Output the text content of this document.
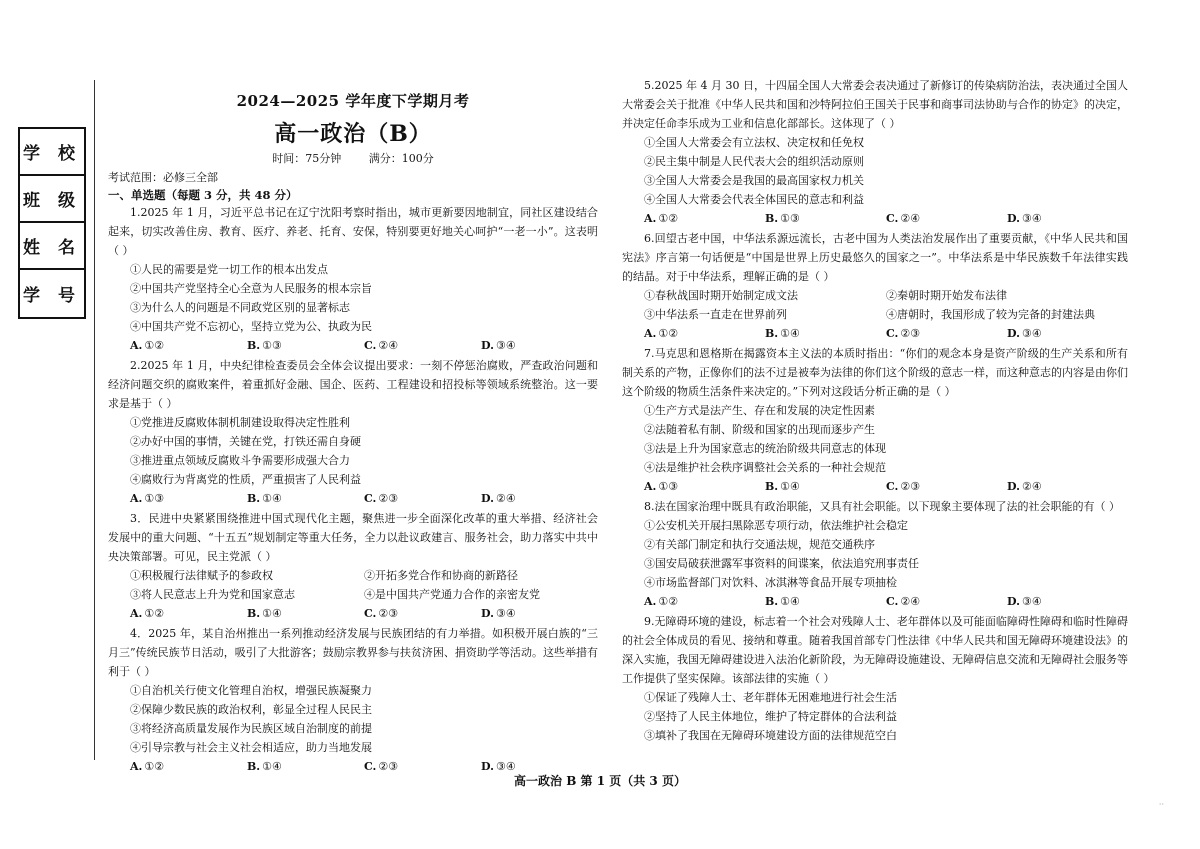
学 校
班 级
姓 名
学 号
2024—2025 学年度下学期月考
高一政治（B）
时间：75分钟	满分：100分
考试范围：必修三全部
一、单选题（每题 3 分，共 48 分）
1.2025 年 1 月，习近平总书记在辽宁沈阳考察时指出，城市更新要因地制宜，同社区建设结合起来，切实改善住房、教育、医疗、养老、托育、安保，特别要更好地关心呵护“一老一小”。这表明（ ）
①人民的需要是党一切工作的根本出发点
②中国共产党坚持全心全意为人民服务的根本宗旨
③为什么人的问题是不同政党区别的显著标志
④中国共产党不忘初心，坚持立党为公、执政为民
A. ①②	B. ①③	C. ②④	D. ③④
2.2025 年 1 月，中央纪律检查委员会全体会议提出要求：一刻不停惩治腐败，严查政治问题和经济问题交织的腐败案件，着重抓好金融、国企、医药、工程建设和招投标等领域系统整治。这一要求是基于（ ）
①党推进反腐败体制机制建设取得决定性胜利
②办好中国的事情，关键在党，打铁还需自身硬
③推进重点领域反腐败斗争需要形成强大合力
④腐败行为背离党的性质，严重损害了人民利益
A. ①③	B. ①④	C. ②③	D. ②④
3．民进中央紧紧围绕推进中国式现代化主题，聚焦进一步全面深化改革的重大举措、经济社会发展中的重大问题、“十五五”规划制定等重大任务，全力以赴议政建言、服务社会，助力落实中共中央决策部署。可见，民主党派（ ）
①积极履行法律赋予的参政权	②开拓多党合作和协商的新路径
③将人民意志上升为党和国家意志	④是中国共产党通力合作的亲密友党
A. ①②	B. ①④	C. ②③	D. ③④
4．2025 年，某自治州推出一系列推动经济发展与民族团结的有力举措。如积极开展白族的“三月三”传统民族节日活动，吸引了大批游客；鼓励宗教界参与扶贫济困、捐资助学等活动。这些举措有利于（ ）
①自治机关行使文化管理自治权，增强民族凝聚力
②保障少数民族的政治权利，彰显全过程人民民主
③将经济高质量发展作为民族区域自治制度的前提
④引导宗教与社会主义社会相适应，助力当地发展
A. ①②	B. ①④	C. ②③	D. ③④
5.2025 年 4 月 30 日，十四届全国人大常委会表决通过了新修订的传染病防治法，表决通过全国人大常委会关于批准《中华人民共和国和沙特阿拉伯王国关于民事和商事司法协助与合作的协定》的决定，并决定任命李乐成为工业和信息化部部长。这体现了（ ）
①全国人大常委会有立法权、决定权和任免权
②民主集中制是人民代表大会的组织活动原则
③全国人大常委会是我国的最高国家权力机关
④全国人大常委会代表全体国民的意志和利益
A. ①②	B. ①③	C. ②④	D. ③④
6.回望古老中国，中华法系源远流长，古老中国为人类法治发展作出了重要贡献，《中华人民共和国宪法》序言第一句话便是“中国是世界上历史最悠久的国家之一”。中华法系是中华民族数千年法律实践的结晶。对于中华法系，理解正确的是（ ）
①春秋战国时期开始制定成文法	②秦朝时期开始发布法律
③中华法系一直走在世界前列	④唐朝时，我国形成了较为完备的封建法典
A. ①②	B. ①④	C. ②③	D. ③④
7.马克思和恩格斯在揭露资本主义法的本质时指出：“你们的观念本身是资产阶级的生产关系和所有制关系的产物，正像你们的法不过是被奉为法律的你们这个阶级的意志一样，而这种意志的内容是由你们这个阶级的物质生活条件来决定的。”下列对这段话分析正确的是（ ）
①生产方式是法产生、存在和发展的决定性因素
②法随着私有制、阶级和国家的出现而逐步产生
③法是上升为国家意志的统治阶级共同意志的体现
④法是维护社会秩序调整社会关系的一种社会规范
A. ①③	B. ①④	C. ②③	D. ②④
8.法在国家治理中既具有政治职能，又具有社会职能。以下现象主要体现了法的社会职能的有（ ）
①公安机关开展扫黑除恶专项行动，依法维护社会稳定
②有关部门制定和执行交通法规，规范交通秩序
③国安局破获泄露军事资料的间谍案，依法追究刑事责任
④市场监督部门对饮料、冰淇淋等食品开展专项抽检
A. ①②	B. ①④	C. ②④	D. ③④
9.无障碍环境的建设，标志着一个社会对残障人士、老年群体以及可能面临障碍性障碍和临时性障碍的社会全体成员的看见、接纳和尊重。随着我国首部专门性法律《中华人民共和国无障碍环境建设法》的深入实施，我国无障碍建设进入法治化新阶段，为无障碍设施建设、无障碍信息交流和无障碍社会服务等工作提供了坚实保障。该部法律的实施（ ）
①保证了残障人士、老年群体无困难地进行社会生活
②坚持了人民主体地位，维护了特定群体的合法利益
③填补了我国在无障碍环境建设方面的法律规范空白
高一政治 B 第 1 页（共 3 页）
··
